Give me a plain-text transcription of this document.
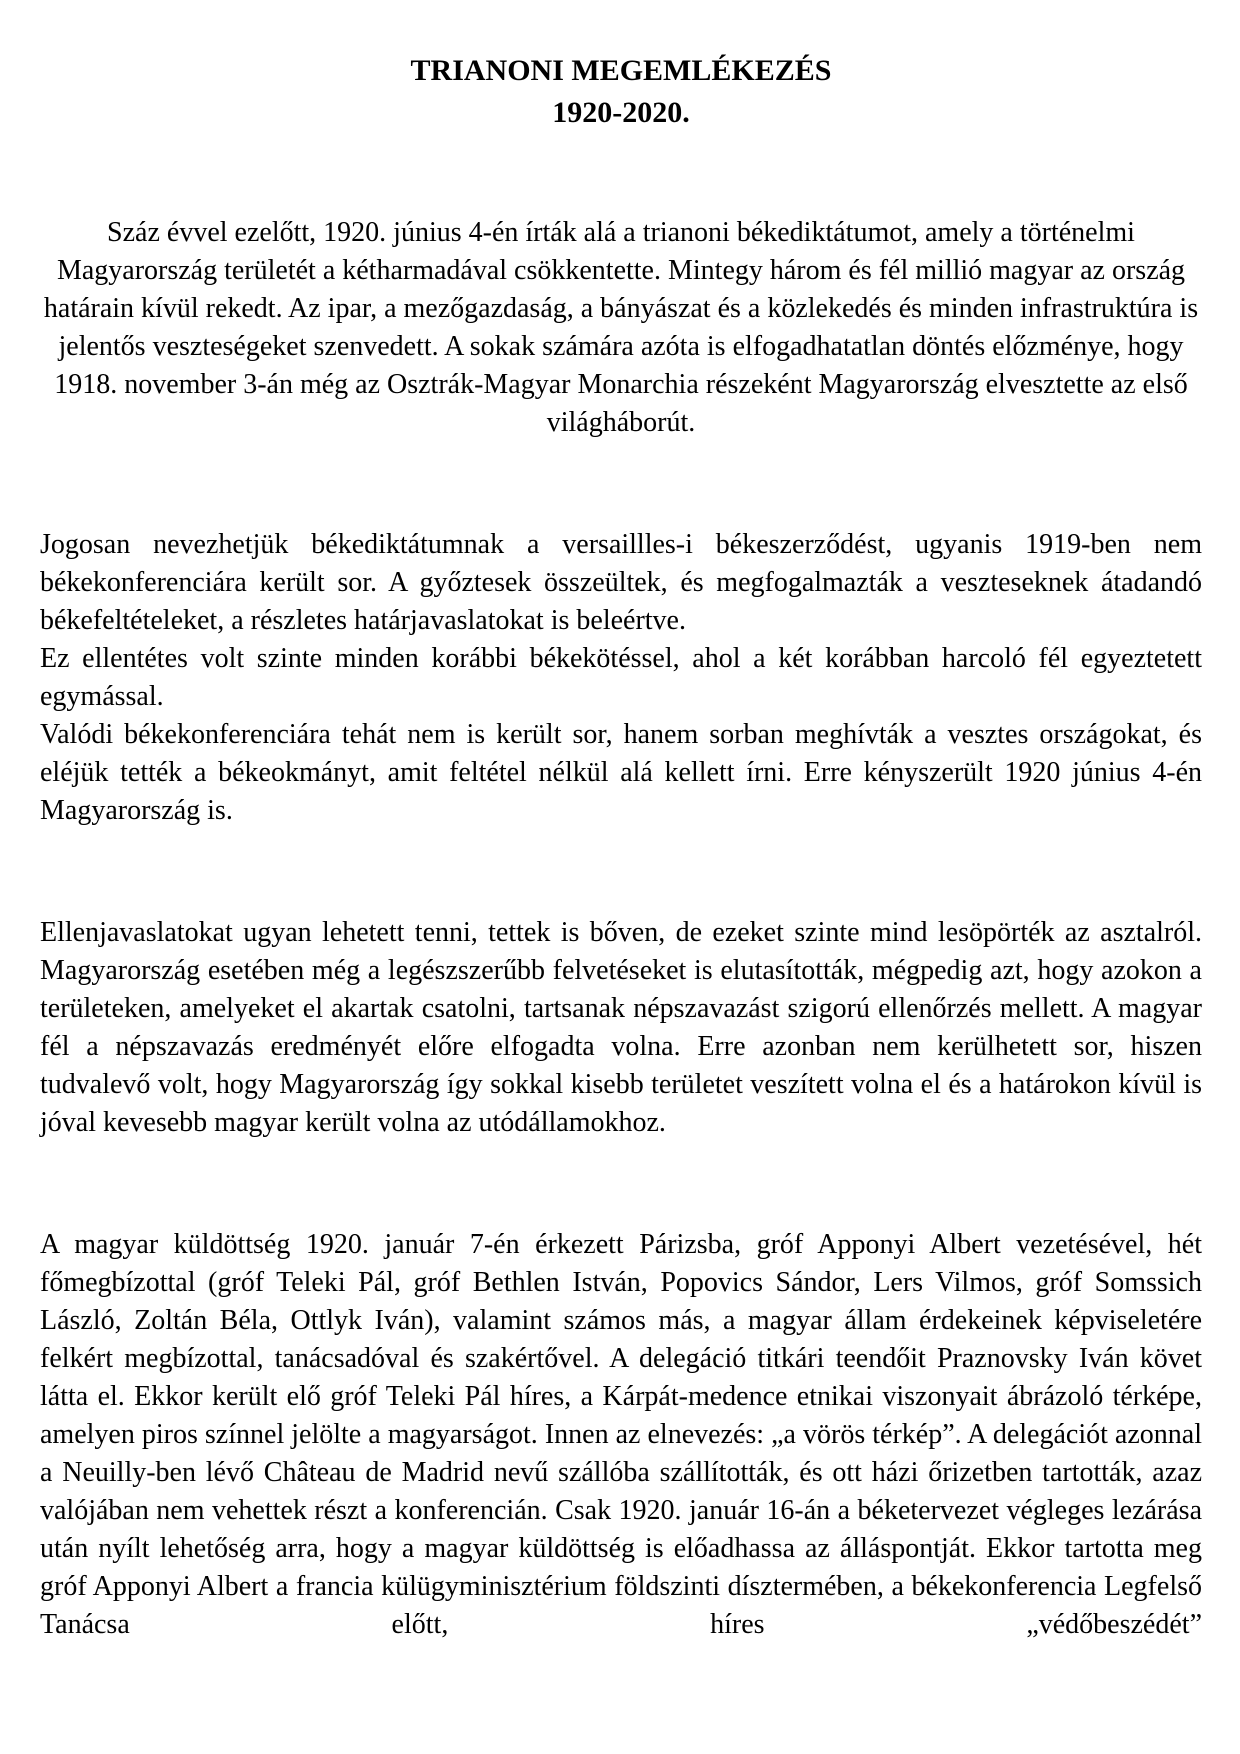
TRIANONI MEGEMLÉKEZÉS
1920-2020.

Száz évvel ezelőtt, 1920. június 4-én írták alá a trianoni békediktátumot, amely a történelmi Magyarország területét a kétharmadával csökkentette. Mintegy három és fél millió magyar az ország határain kívül rekedt. Az ipar, a mezőgazdaság, a bányászat és a közlekedés és minden infrastruktúra is jelentős veszteségeket szenvedett. A sokak számára azóta is elfogadhatatlan döntés előzménye, hogy 1918. november 3-án még az Osztrák-Magyar Monarchia részeként Magyarország elvesztette az első világháborút.

Jogosan nevezhetjük békediktátumnak a versaillles-i békeszerződést, ugyanis 1919-ben nem békekonferenciára került sor. A győztesek összeültek, és megfogalmazták a veszteseknek átadandó békefeltételeket, a részletes határjavaslatokat is beleértve.

Ez ellentétes volt szinte minden korábbi békekötéssel, ahol a két korábban harcoló fél egyeztetett egymással.

Valódi békekonferenciára tehát nem is került sor, hanem sorban meghívták a vesztes országokat, és eléjük tették a békeokmányt, amit feltétel nélkül alá kellett írni. Erre kényszerült 1920 június 4-én Magyarország is.

Ellenjavaslatokat ugyan lehetett tenni, tettek is bőven, de ezeket szinte mind lesöpörték az asztalról. Magyarország esetében még a legészszerűbb felvetéseket is elutasították, mégpedig azt, hogy azokon a területeken, amelyeket el akartak csatolni, tartsanak népszavazást szigorú ellenőrzés mellett. A magyar fél a népszavazás eredményét előre elfogadta volna. Erre azonban nem kerülhetett sor, hiszen tudvalevő volt, hogy Magyarország így sokkal kisebb területet veszített volna el és a határokon kívül is jóval kevesebb magyar került volna az utódállamokhoz.

A magyar küldöttség 1920. január 7-én érkezett Párizsba, gróf Apponyi Albert vezetésével, hét főmegbízottal (gróf Teleki Pál, gróf Bethlen István, Popovics Sándor, Lers Vilmos, gróf Somssich László, Zoltán Béla, Ottlyk Iván), valamint számos más, a magyar állam érdekeinek képviseletére felkért megbízottal, tanácsadóval és szakértővel. A delegáció titkári teendőit Praznovsky Iván követ látta el. Ekkor került elő gróf Teleki Pál híres, a Kárpát-medence etnikai viszonyait ábrázoló térképe, amelyen piros színnel jelölte a magyarságot. Innen az elnevezés: „a vörös térkép”. A delegációt azonnal a Neuilly-ben lévő Château de Madrid nevű szállóba szállították, és ott házi őrizetben tartották, azaz valójában nem vehettek részt a konferencián. Csak 1920. január 16-án a béketervezet végleges lezárása után nyílt lehetőség arra, hogy a magyar küldöttség is előadhassa az álláspontját. Ekkor tartotta meg gróf Apponyi Albert a francia külügyminisztérium földszinti dísztermében, a békekonferencia Legfelső Tanácsa előtt, híres „védőbeszédét”
